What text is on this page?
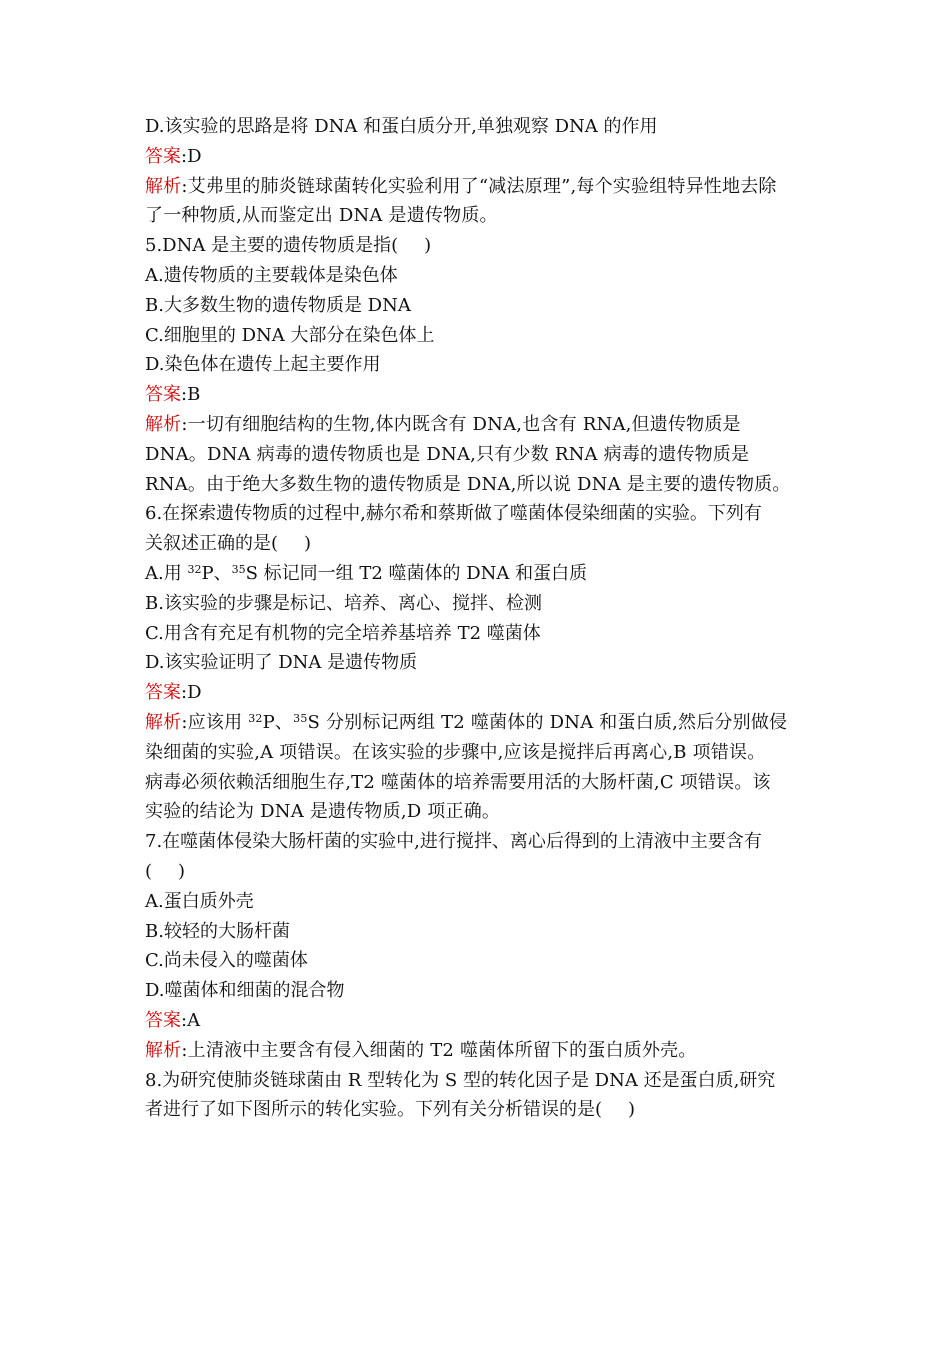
D.该实验的思路是将 DNA 和蛋白质分开,单独观察 DNA 的作用
答案:D
解析:艾弗里的肺炎链球菌转化实验利用了“减法原理”,每个实验组特异性地去除
了一种物质,从而鉴定出 DNA 是遗传物质。
5.DNA 是主要的遗传物质是指( )
A.遗传物质的主要载体是染色体
B.大多数生物的遗传物质是 DNA
C.细胞里的 DNA 大部分在染色体上
D.染色体在遗传上起主要作用
答案:B
解析:一切有细胞结构的生物,体内既含有 DNA,也含有 RNA,但遗传物质是
DNA。DNA 病毒的遗传物质也是 DNA,只有少数 RNA 病毒的遗传物质是
RNA。由于绝大多数生物的遗传物质是 DNA,所以说 DNA 是主要的遗传物质。
6.在探索遗传物质的过程中,赫尔希和蔡斯做了噬菌体侵染细菌的实验。下列有
关叙述正确的是( )
A.用 $^{32}$P、$^{35}$S 标记同一组 T2 噬菌体的 DNA 和蛋白质
B.该实验的步骤是标记、培养、离心、搅拌、检测
C.用含有充足有机物的完全培养基培养 T2 噬菌体
D.该实验证明了 DNA 是遗传物质
答案:D
解析:应该用 $^{32}$P、$^{35}$S 分别标记两组 T2 噬菌体的 DNA 和蛋白质,然后分别做侵
染细菌的实验,A 项错误。在该实验的步骤中,应该是搅拌后再离心,B 项错误。
病毒必须依赖活细胞生存,T2 噬菌体的培养需要用活的大肠杆菌,C 项错误。该
实验的结论为 DNA 是遗传物质,D 项正确。
7.在噬菌体侵染大肠杆菌的实验中,进行搅拌、离心后得到的上清液中主要含有
( )
A.蛋白质外壳
B.较轻的大肠杆菌
C.尚未侵入的噬菌体
D.噬菌体和细菌的混合物
答案:A
解析:上清液中主要含有侵入细菌的 T2 噬菌体所留下的蛋白质外壳。
8.为研究使肺炎链球菌由 R 型转化为 S 型的转化因子是 DNA 还是蛋白质,研究
者进行了如下图所示的转化实验。下列有关分析错误的是( )
